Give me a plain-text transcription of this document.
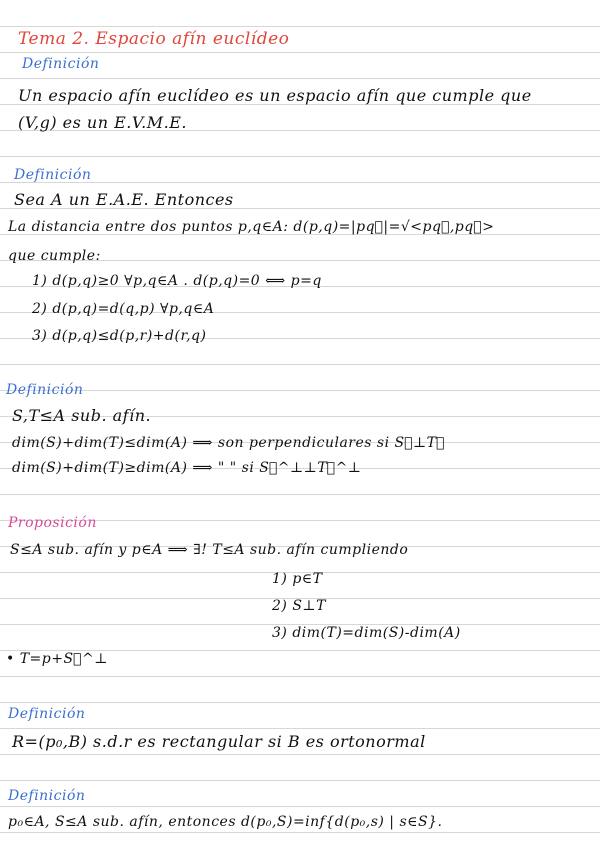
Tema 2. Espacio afín euclídeo
Definición
Un espacio afín euclídeo es un espacio afín que cumple que
(V,g) es un E.V.M.E.
Definición
Sea A un E.A.E. Entonces
La distancia entre dos puntos p,q∈A: d(p,q)=|pq⃗|=√<pq⃗,pq⃗>
que cumple:
1) d(p,q)≥0 ∀p,q∈A . d(p,q)=0 ⟺ p=q
2) d(p,q)=d(q,p) ∀p,q∈A
3) d(p,q)≤d(p,r)+d(r,q)
Definición
S,T≤A sub. afín.
dim(S)+dim(T)≤dim(A) ⟹ son perpendiculares si S⃗⊥T⃗
dim(S)+dim(T)≥dim(A) ⟹ " " si S⃗^⊥⊥T⃗^⊥
Proposición
S≤A sub. afín y p∈A ⟹ ∃! T≤A sub. afín cumpliendo
1) p∈T
2) S⊥T
3) dim(T)=dim(S)-dim(A)
• T=p+S⃗^⊥
Definición
R=(p₀,B) s.d.r es rectangular si B es ortonormal
Definición
p₀∈A, S≤A sub. afín, entonces d(p₀,S)=inf{d(p₀,s) | s∈S}.
